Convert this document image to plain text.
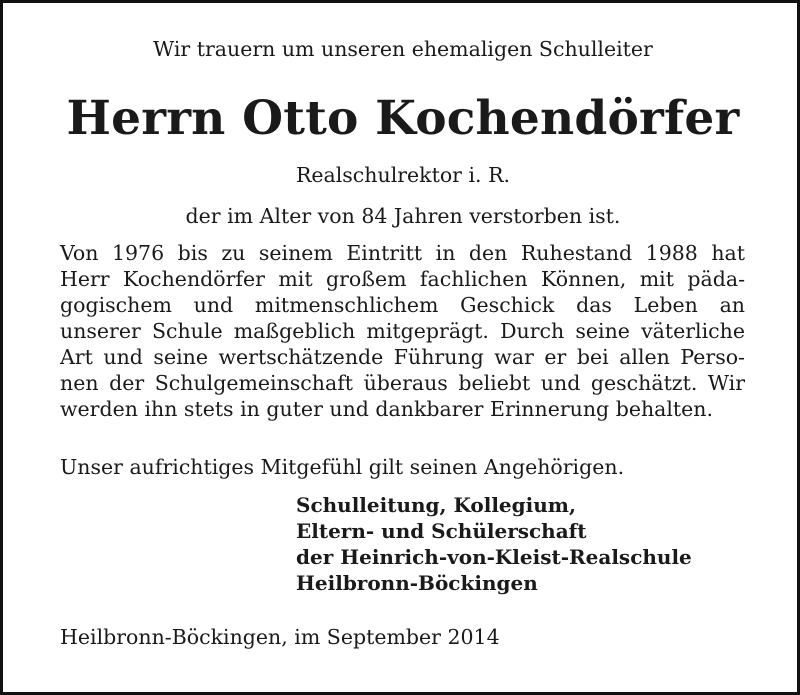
Wir trauern um unseren ehemaligen Schulleiter
Herrn Otto Kochendörfer
Realschulrektor i. R.
der im Alter von 84 Jahren verstorben ist.
Von 1976 bis zu seinem Eintritt in den Ruhestand 1988 hat
Herr Kochendörfer mit großem fachlichen Können, mit päda-
gogischem und mitmenschlichem Geschick das Leben an
unserer Schule maßgeblich mitgeprägt. Durch seine väterliche
Art und seine wertschätzende Führung war er bei allen Perso-
nen der Schulgemeinschaft überaus beliebt und geschätzt. Wir
werden ihn stets in guter und dankbarer Erinnerung behalten.
Unser aufrichtiges Mitgefühl gilt seinen Angehörigen.
Schulleitung, Kollegium,
Eltern- und Schülerschaft
der Heinrich-von-Kleist-Realschule
Heilbronn-Böckingen
Heilbronn-Böckingen, im September 2014
